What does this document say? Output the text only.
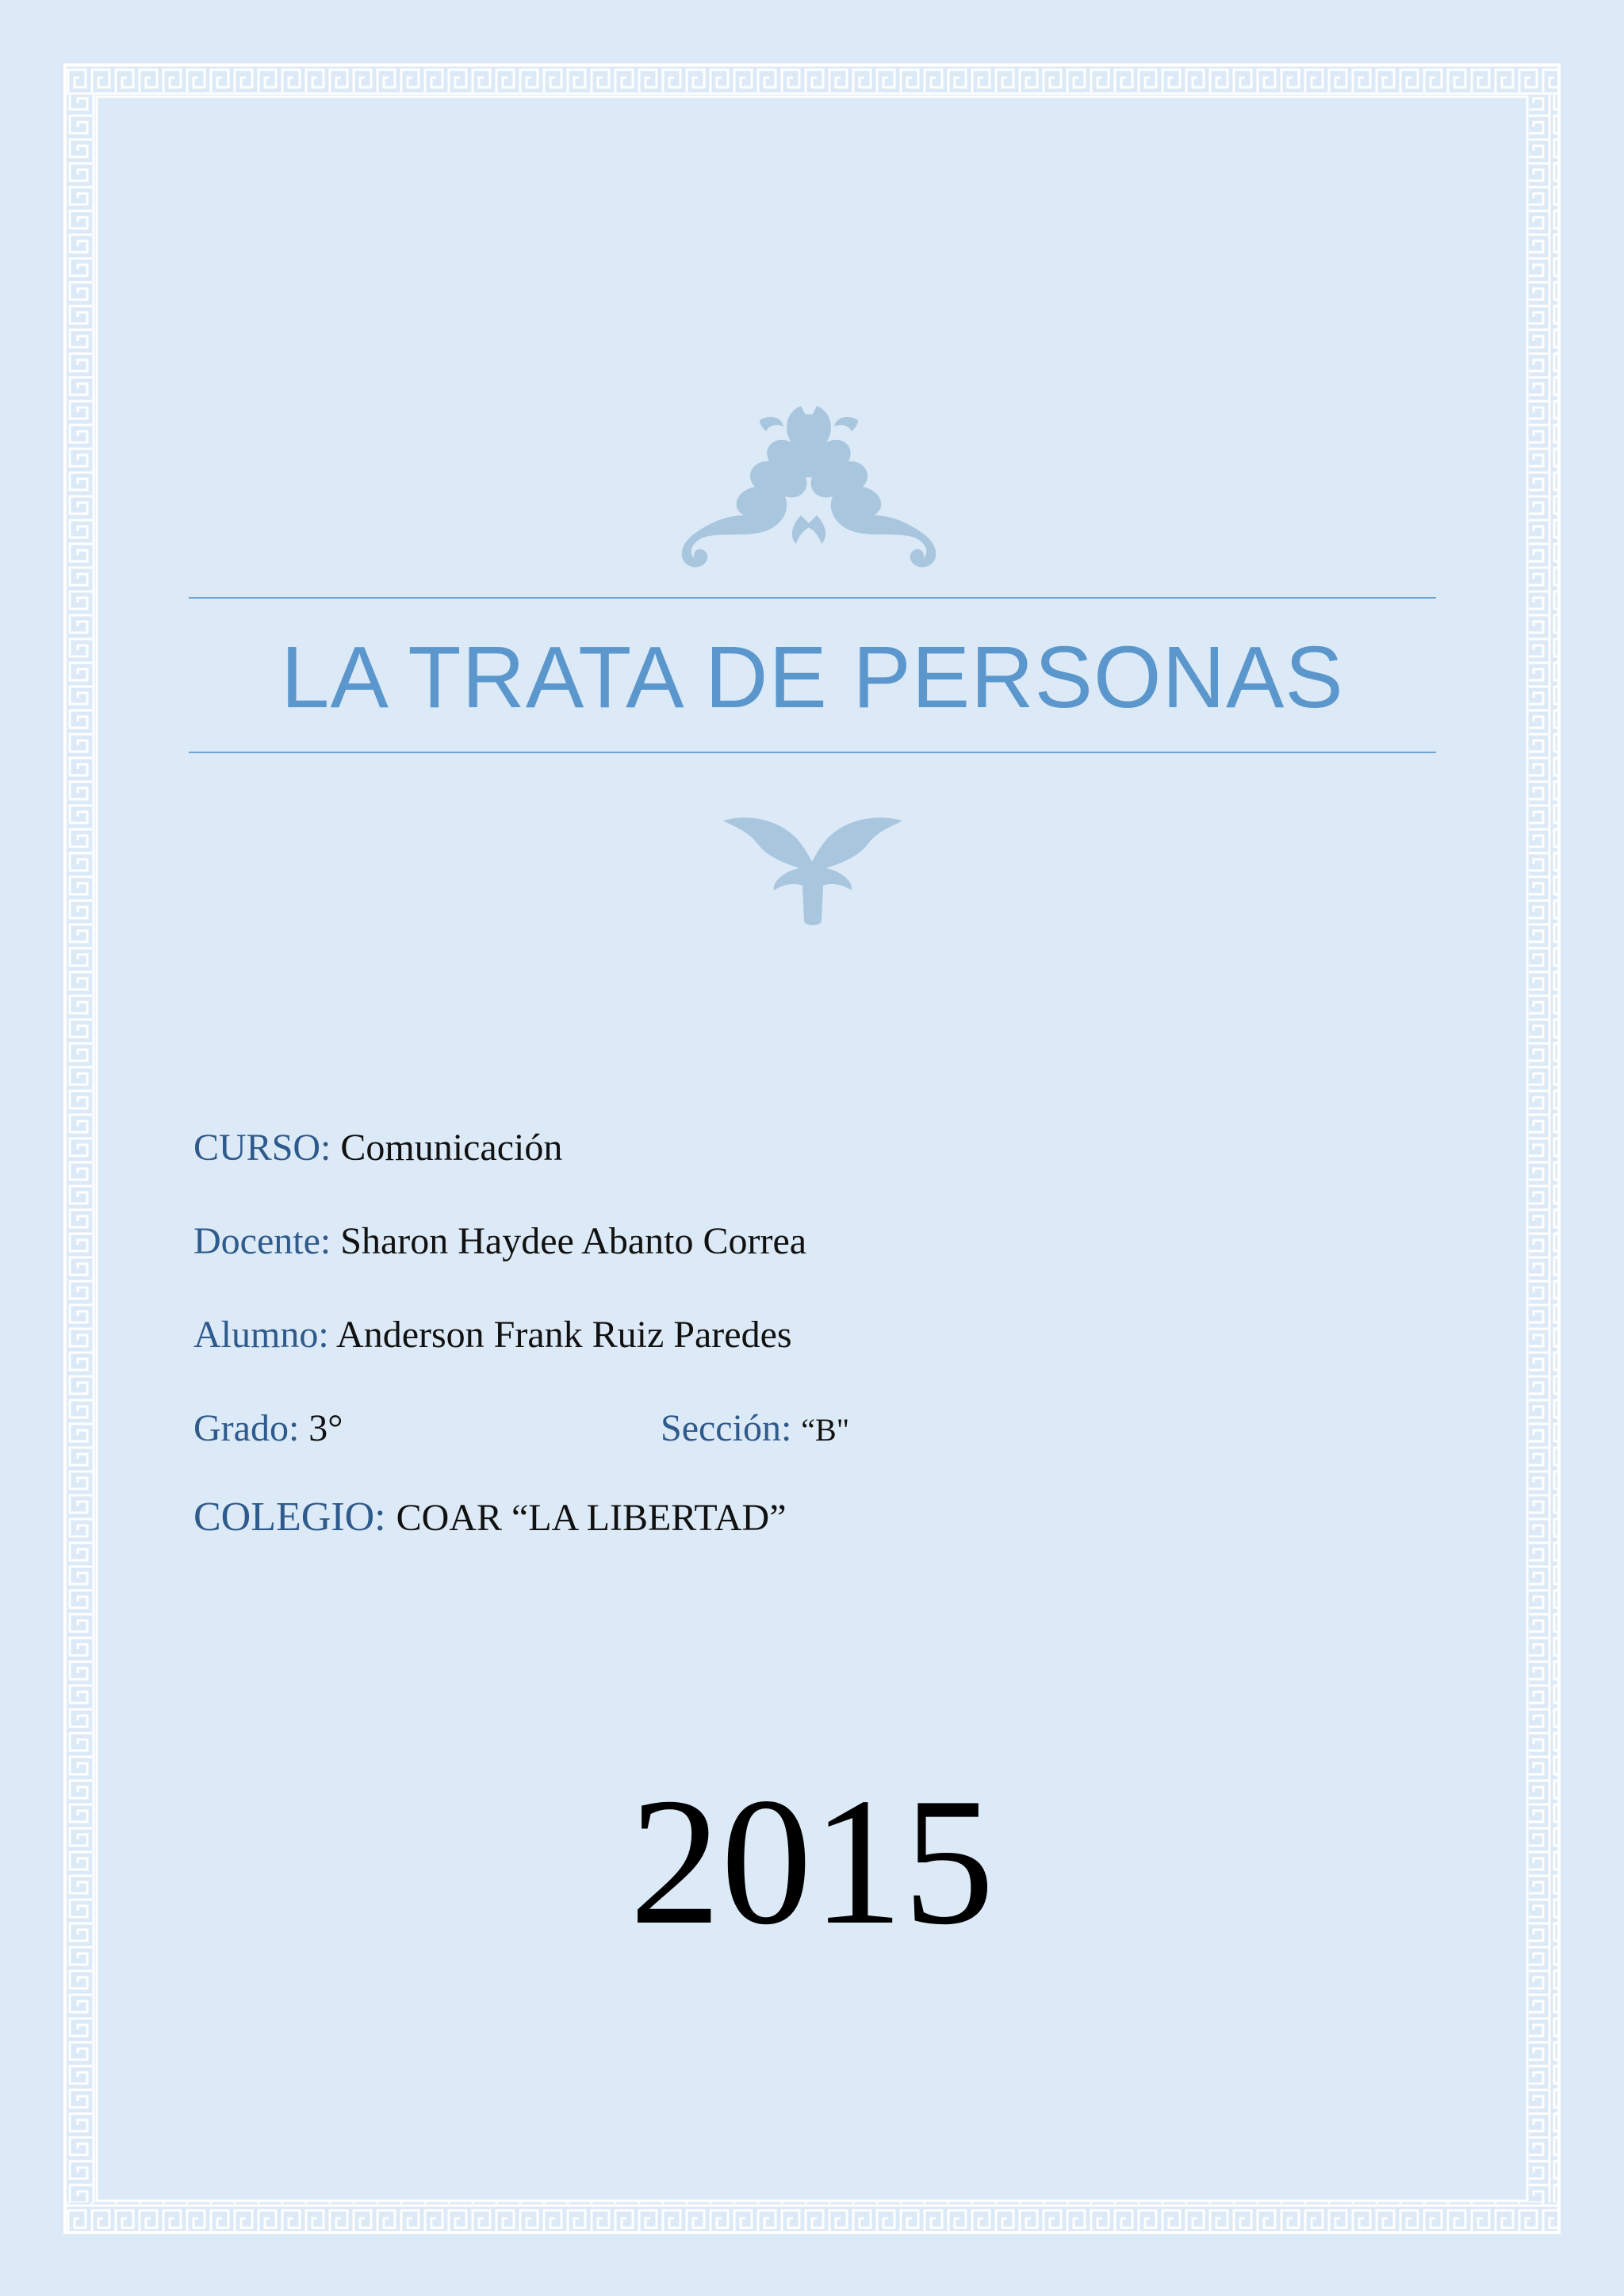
LA TRATA DE PERSONAS
CURSO: Comunicación
Docente: Sharon Haydee Abanto Correa
Alumno: Anderson Frank Ruiz Paredes
Grado: 3°	Sección: “B"
COLEGIO: COAR “LA LIBERTAD”
2015
